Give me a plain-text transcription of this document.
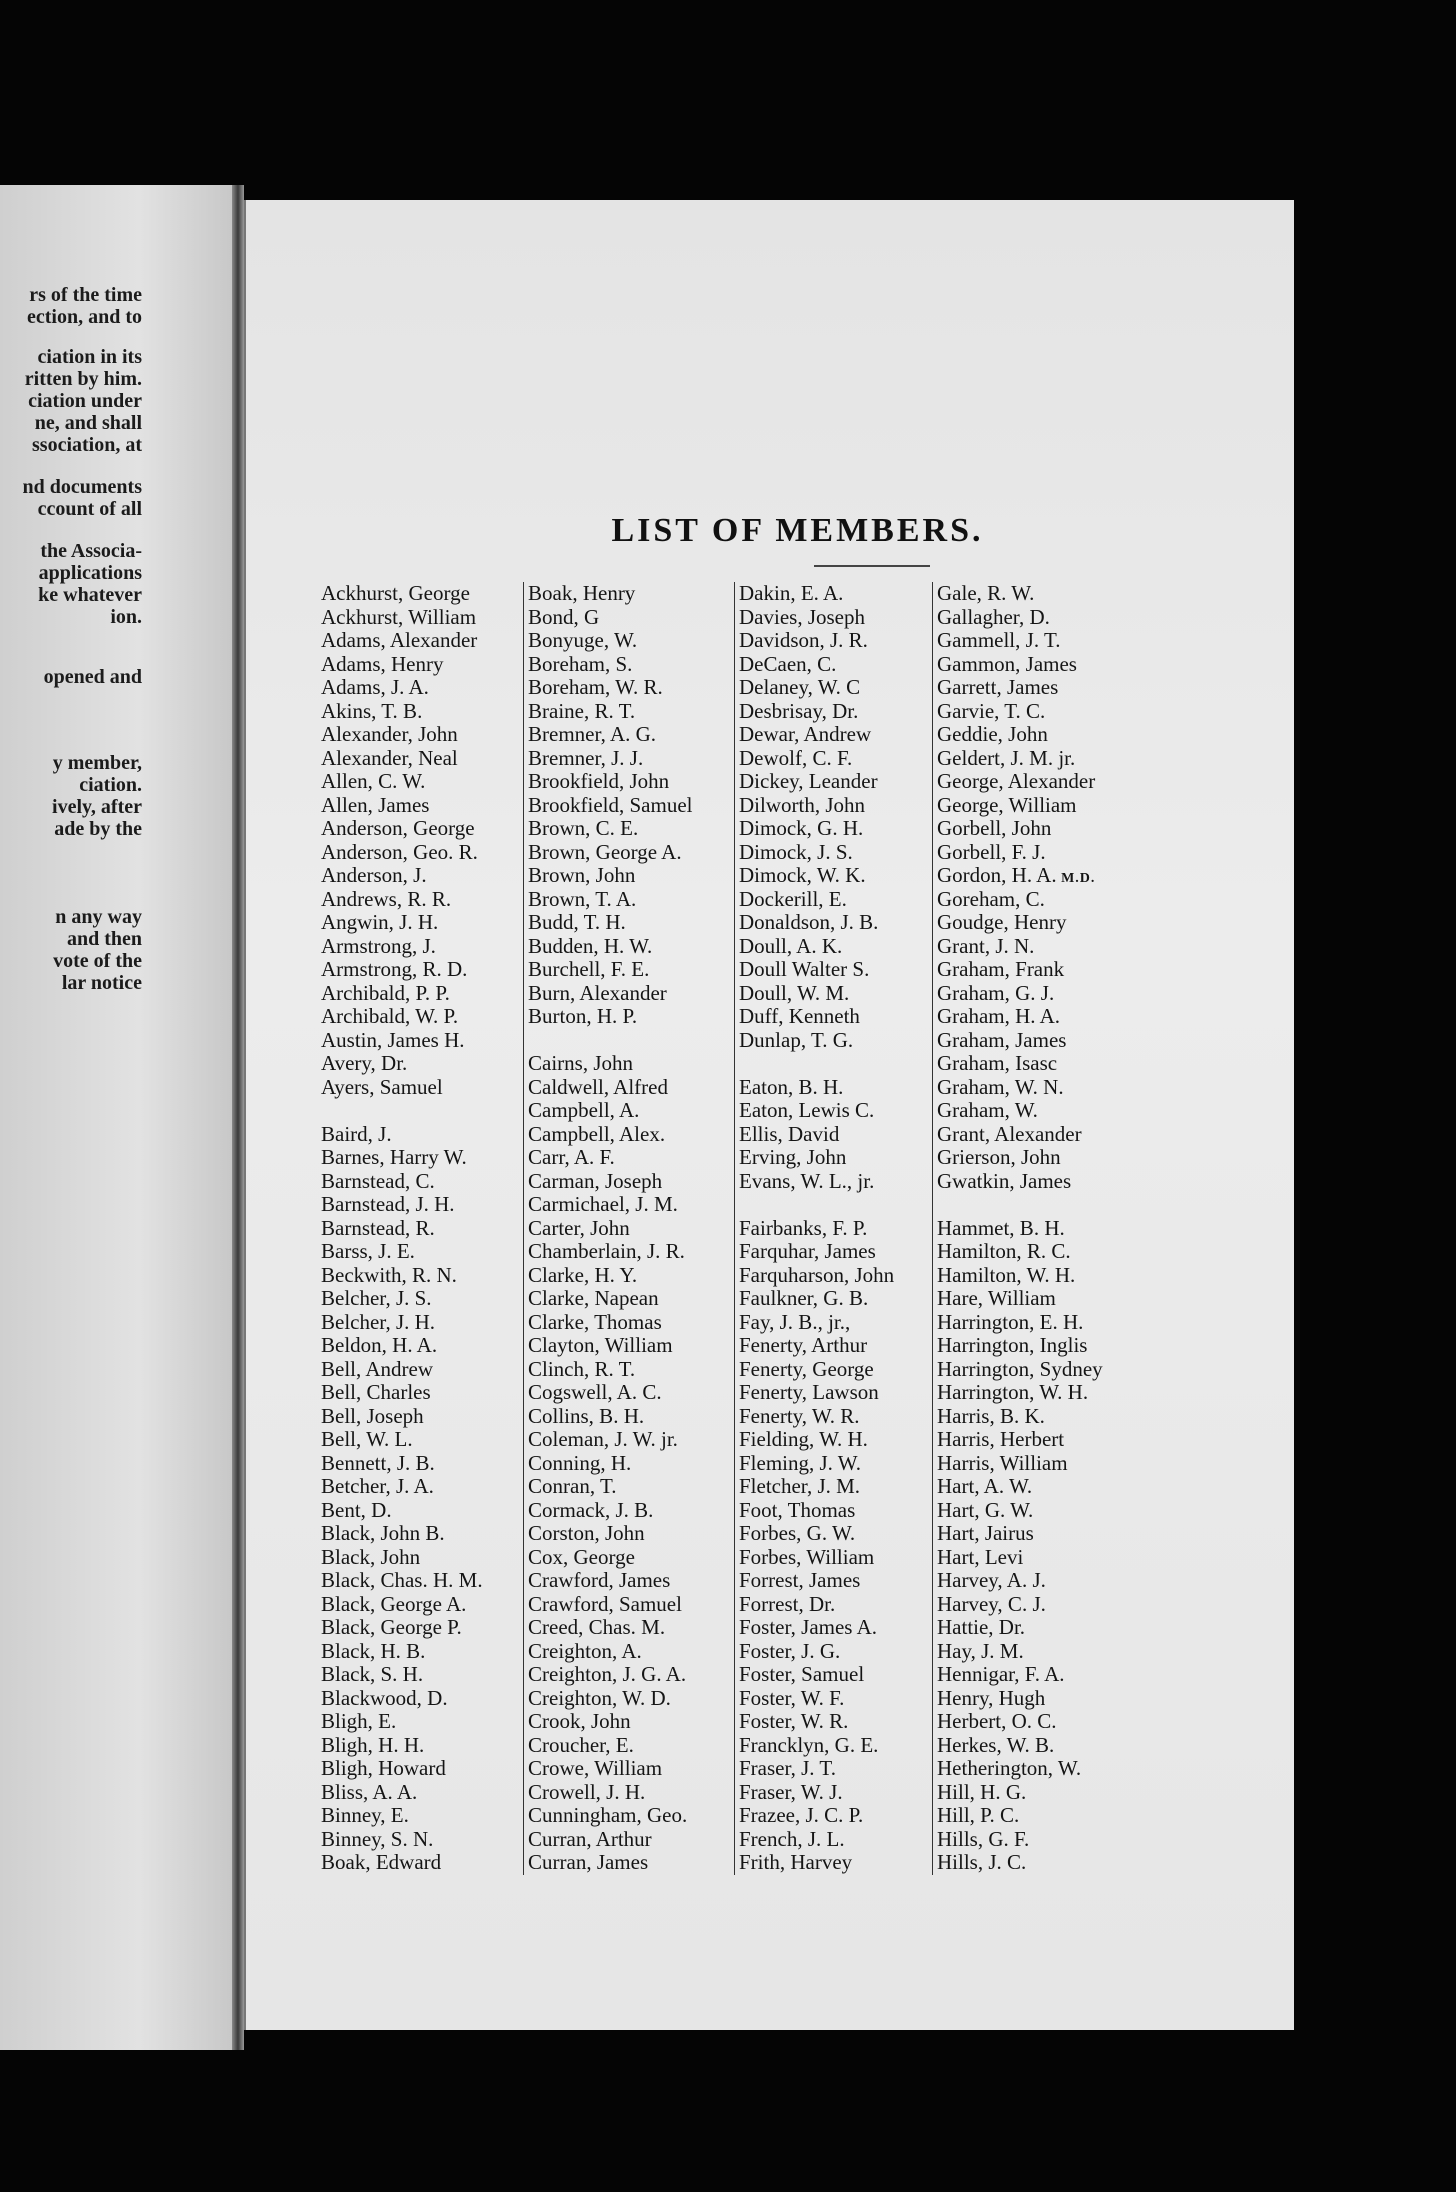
rs of the time
ection, and to
ciation in its
ritten by him.
ciation under
ne, and shall
ssociation, at
nd documents
ccount of all
the Associa-
applications
ke whatever
ion.
opened and
y member,
ciation.
ively, after
ade by the
n any way
and then
vote of the
lar notice
LIST OF MEMBERS.
Ackhurst, George
Ackhurst, William
Adams, Alexander
Adams, Henry
Adams, J. A.
Akins, T. B.
Alexander, John
Alexander, Neal
Allen, C. W.
Allen, James
Anderson, George
Anderson, Geo. R.
Anderson, J.
Andrews, R. R.
Angwin, J. H.
Armstrong, J.
Armstrong, R. D.
Archibald, P. P.
Archibald, W. P.
Austin, James H.
Avery, Dr.
Ayers, Samuel
Baird, J.
Barnes, Harry W.
Barnstead, C.
Barnstead, J. H.
Barnstead, R.
Barss, J. E.
Beckwith, R. N.
Belcher, J. S.
Belcher, J. H.
Beldon, H. A.
Bell, Andrew
Bell, Charles
Bell, Joseph
Bell, W. L.
Bennett, J. B.
Betcher, J. A.
Bent, D.
Black, John B.
Black, John
Black, Chas. H. M.
Black, George A.
Black, George P.
Black, H. B.
Black, S. H.
Blackwood, D.
Bligh, E.
Bligh, H. H.
Bligh, Howard
Bliss, A. A.
Binney, E.
Binney, S. N.
Boak, Edward
Boak, Henry
Bond, G
Bonyuge, W.
Boreham, S.
Boreham, W. R.
Braine, R. T.
Bremner, A. G.
Bremner, J. J.
Brookfield, John
Brookfield, Samuel
Brown, C. E.
Brown, George A.
Brown, John
Brown, T. A.
Budd, T. H.
Budden, H. W.
Burchell, F. E.
Burn, Alexander
Burton, H. P.
Cairns, John
Caldwell, Alfred
Campbell, A.
Campbell, Alex.
Carr, A. F.
Carman, Joseph
Carmichael, J. M.
Carter, John
Chamberlain, J. R.
Clarke, H. Y.
Clarke, Napean
Clarke, Thomas
Clayton, William
Clinch, R. T.
Cogswell, A. C.
Collins, B. H.
Coleman, J. W. jr.
Conning, H.
Conran, T.
Cormack, J. B.
Corston, John
Cox, George
Crawford, James
Crawford, Samuel
Creed, Chas. M.
Creighton, A.
Creighton, J. G. A.
Creighton, W. D.
Crook, John
Croucher, E.
Crowe, William
Crowell, J. H.
Cunningham, Geo.
Curran, Arthur
Curran, James
Dakin, E. A.
Davies, Joseph
Davidson, J. R.
DeCaen, C.
Delaney, W. C
Desbrisay, Dr.
Dewar, Andrew
Dewolf, C. F.
Dickey, Leander
Dilworth, John
Dimock, G. H.
Dimock, J. S.
Dimock, W. K.
Dockerill, E.
Donaldson, J. B.
Doull, A. K.
Doull Walter S.
Doull, W. M.
Duff, Kenneth
Dunlap, T. G.
Eaton, B. H.
Eaton, Lewis C.
Ellis, David
Erving, John
Evans, W. L., jr.
Fairbanks, F. P.
Farquhar, James
Farquharson, John
Faulkner, G. B.
Fay, J. B., jr.,
Fenerty, Arthur
Fenerty, George
Fenerty, Lawson
Fenerty, W. R.
Fielding, W. H.
Fleming, J. W.
Fletcher, J. M.
Foot, Thomas
Forbes, G. W.
Forbes, William
Forrest, James
Forrest, Dr.
Foster, James A.
Foster, J. G.
Foster, Samuel
Foster, W. F.
Foster, W. R.
Francklyn, G. E.
Fraser, J. T.
Fraser, W. J.
Frazee, J. C. P.
French, J. L.
Frith, Harvey
Gale, R. W.
Gallagher, D.
Gammell, J. T.
Gammon, James
Garrett, James
Garvie, T. C.
Geddie, John
Geldert, J. M. jr.
George, Alexander
George, William
Gorbell, John
Gorbell, F. J.
Gordon, H. A. M.D.
Goreham, C.
Goudge, Henry
Grant, J. N.
Graham, Frank
Graham, G. J.
Graham, H. A.
Graham, James
Graham, Isasc
Graham, W. N.
Graham, W.
Grant, Alexander
Grierson, John
Gwatkin, James
Hammet, B. H.
Hamilton, R. C.
Hamilton, W. H.
Hare, William
Harrington, E. H.
Harrington, Inglis
Harrington, Sydney
Harrington, W. H.
Harris, B. K.
Harris, Herbert
Harris, William
Hart, A. W.
Hart, G. W.
Hart, Jairus
Hart, Levi
Harvey, A. J.
Harvey, C. J.
Hattie, Dr.
Hay, J. M.
Hennigar, F. A.
Henry, Hugh
Herbert, O. C.
Herkes, W. B.
Hetherington, W.
Hill, H. G.
Hill, P. C.
Hills, G. F.
Hills, J. C.
